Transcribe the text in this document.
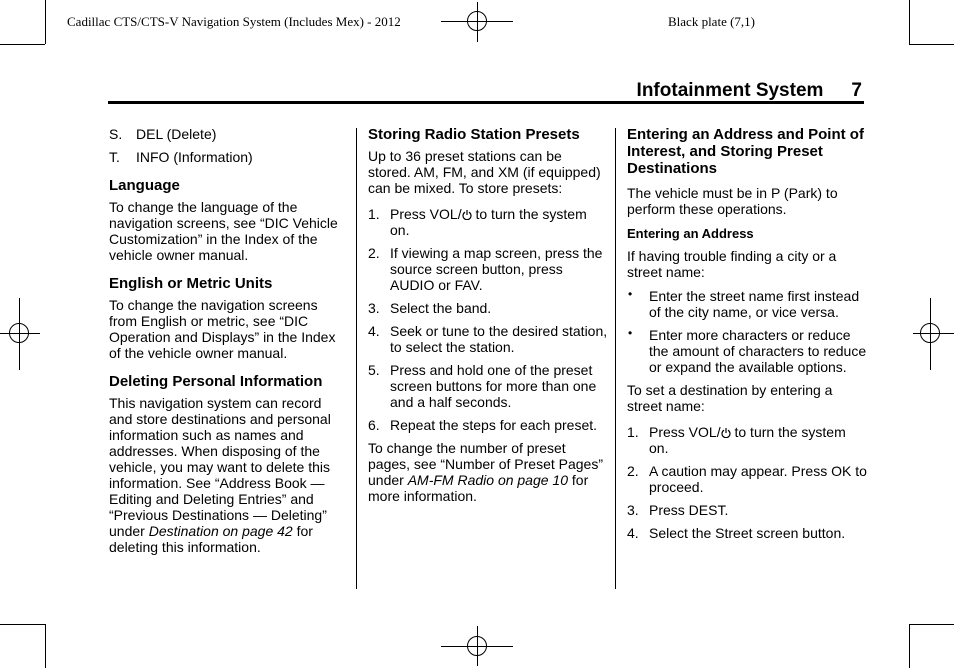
Cadillac CTS/CTS-V Navigation System (Includes Mex) - 2012	Black plate (7,1)
Infotainment System 7
S. DEL (Delete)
T. INFO (Information)
Language

To change the language of the navigation screens, see “DIC Vehicle Customization” in the Index of the vehicle owner manual.

English or Metric Units

To change the navigation screens from English or metric, see “DIC Operation and Displays” in the Index of the vehicle owner manual.

Deleting Personal Information

This navigation system can record and store destinations and personal information such as names and addresses. When disposing of the vehicle, you may want to delete this information. See “Address Book — Editing and Deleting Entries” and “Previous Destinations — Deleting” under Destination on page 42 for deleting this information.

Storing Radio Station Presets

Up to 36 preset stations can be stored. AM, FM, and XM (if equipped) can be mixed. To store presets:

1. Press VOL/ to turn the system on.
2. If viewing a map screen, press the source screen button, press AUDIO or FAV.
3. Select the band.
4. Seek or tune to the desired station, to select the station.
5. Press and hold one of the preset screen buttons for more than one and a half seconds.
6. Repeat the steps for each preset.

To change the number of preset pages, see “Number of Preset Pages” under AM-FM Radio on page 10 for more information.

Entering an Address and Point of Interest, and Storing Preset Destinations

The vehicle must be in P (Park) to perform these operations.

Entering an Address

If having trouble finding a city or a street name:

• Enter the street name first instead of the city name, or vice versa.
• Enter more characters or reduce the amount of characters to reduce or expand the available options.

To set a destination by entering a street name:

1. Press VOL/ to turn the system on.
2. A caution may appear. Press OK to proceed.
3. Press DEST.
4. Select the Street screen button.
